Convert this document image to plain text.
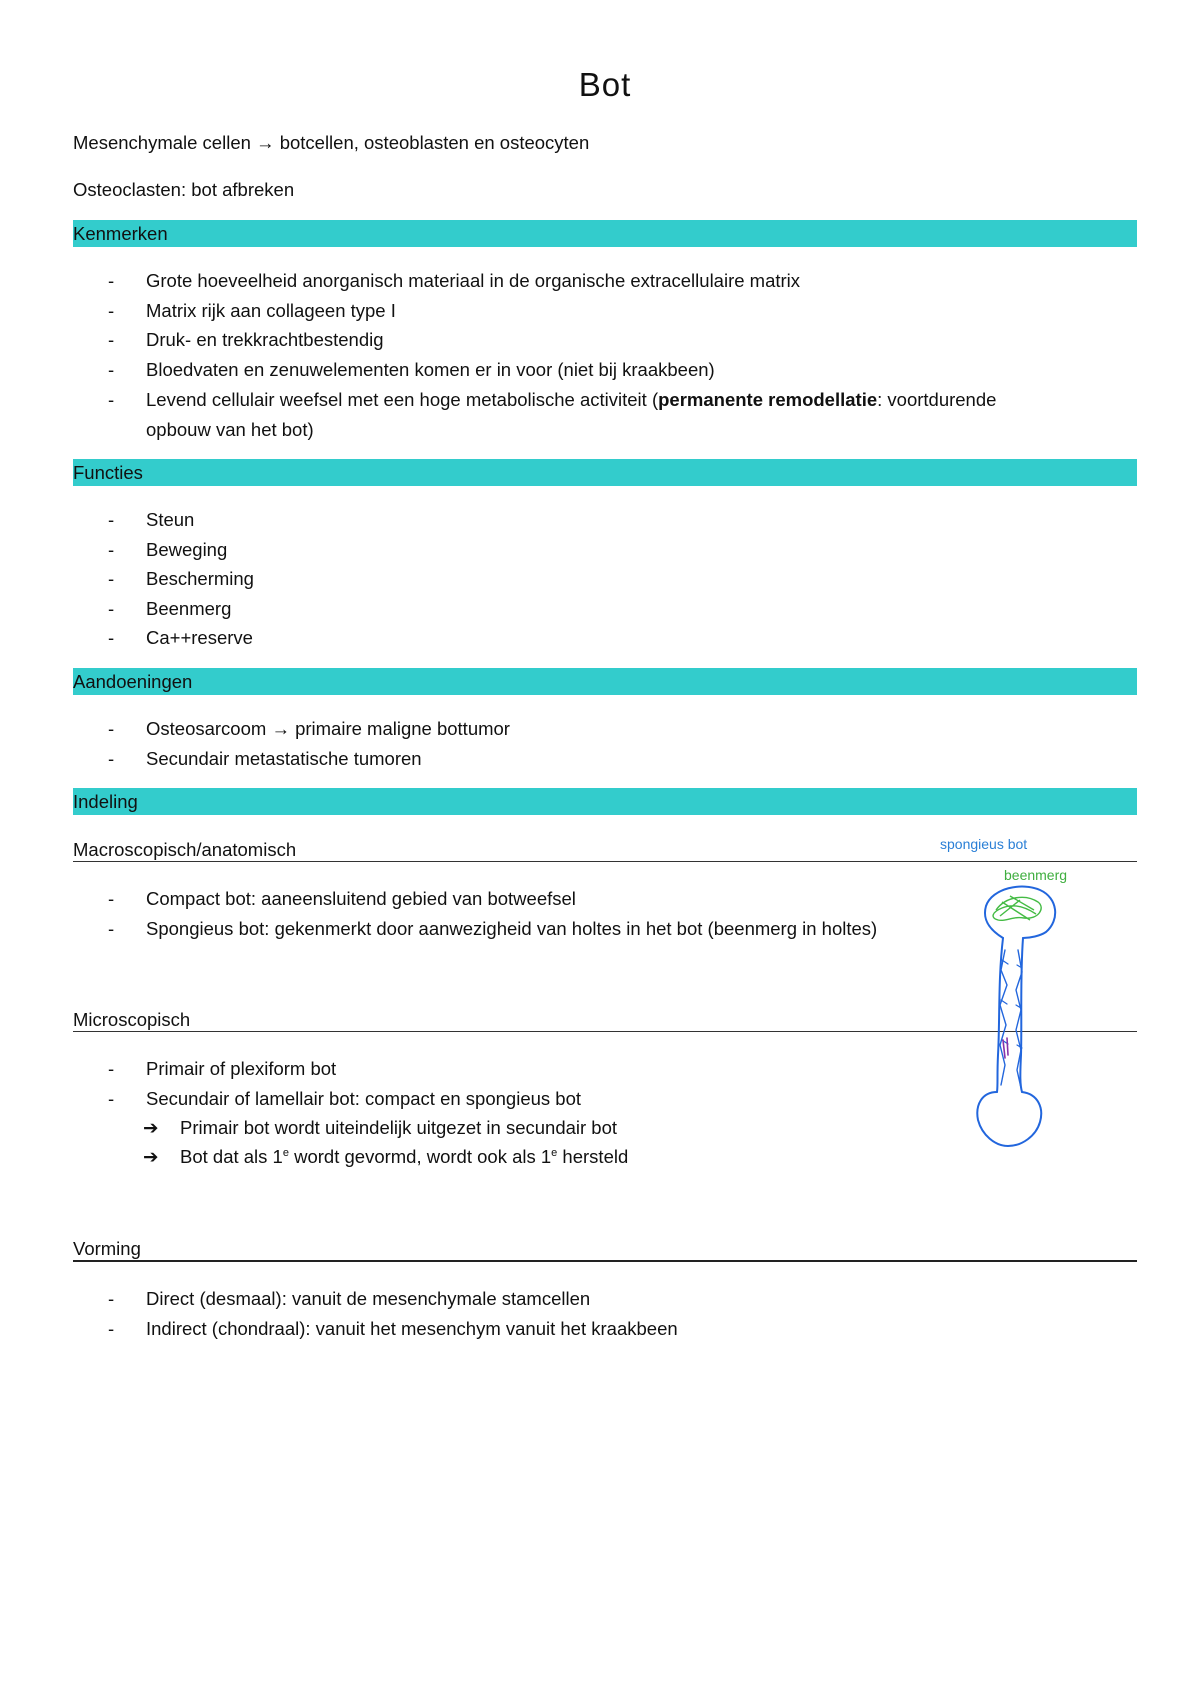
Bot
Mesenchymale cellen → botcellen, osteoblasten en osteocyten
Osteoclasten: bot afbreken
Kenmerken
- Grote hoeveelheid anorganisch materiaal in de organische extracellulaire matrix
- Matrix rijk aan collageen type I
- Druk- en trekkrachtbestendig
- Bloedvaten en zenuwelementen komen er in voor (niet bij kraakbeen)
- Levend cellulair weefsel met een hoge metabolische activiteit (permanente remodellatie: voortdurende
opbouw van het bot)
Functies
- Steun
- Beweging
- Bescherming
- Beenmerg
- Ca++reserve
Aandoeningen
- Osteosarcoom → primaire maligne bottumor
- Secundair metastatische tumoren
Indeling
Macroscopisch/anatomisch
- Compact bot: aaneensluitend gebied van botweefsel
- Spongieus bot: gekenmerkt door aanwezigheid van holtes in het bot (beenmerg in holtes)
Microscopisch
- Primair of plexiform bot
- Secundair of lamellair bot: compact en spongieus bot
➔ Primair bot wordt uiteindelijk uitgezet in secundair bot
➔ Bot dat als 1e wordt gevormd, wordt ook als 1e hersteld
spongieus bot
beenmerg
Vorming
- Direct (desmaal): vanuit de mesenchymale stamcellen
- Indirect (chondraal): vanuit het mesenchym vanuit het kraakbeen
